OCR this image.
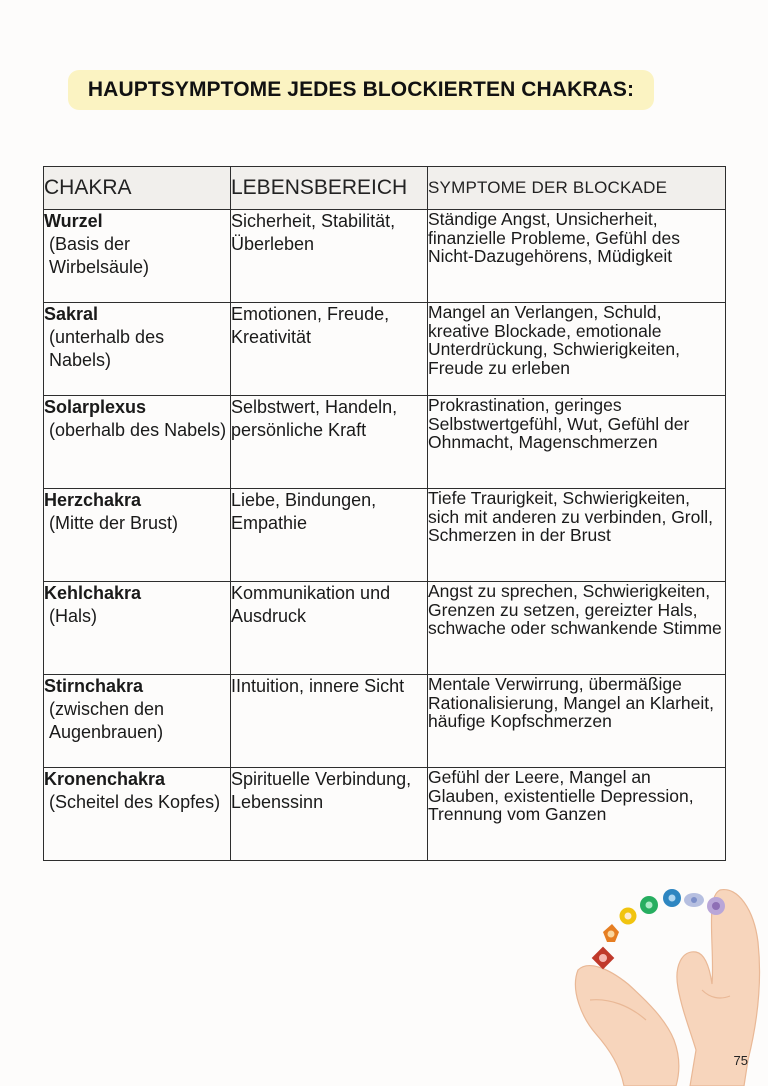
HAUPTSYMPTOME JEDES BLOCKIERTEN CHAKRAS:
CHAKRA	LEBENSBEREICH	SYMPTOME DER BLOCKADE

Wurzel
(Basis der Wirbelsäule)	Sicherheit, Stabilität, Überleben	Ständige Angst, Unsicherheit, finanzielle Probleme, Gefühl des Nicht-Dazugehörens, Müdigkeit

Sakral
(unterhalb des Nabels)	Emotionen, Freude, Kreativität	Mangel an Verlangen, Schuld, kreative Blockade, emotionale Unterdrückung, Schwierigkeiten, Freude zu erleben

Solarplexus
(oberhalb des Nabels)	Selbstwert, Handeln, persönliche Kraft	Prokrastination, geringes Selbstwertgefühl, Wut, Gefühl der Ohnmacht, Magenschmerzen

Herzchakra
(Mitte der Brust)	Liebe, Bindungen, Empathie	Tiefe Traurigkeit, Schwierigkeiten, sich mit anderen zu verbinden, Groll, Schmerzen in der Brust

Kehlchakra
(Hals)	Kommunikation und Ausdruck	Angst zu sprechen, Schwierigkeiten, Grenzen zu setzen, gereizter Hals, schwache oder schwankende Stimme

Stirnchakra
(zwischen den Augenbrauen)	IIntuition, innere Sicht	Mentale Verwirrung, übermäßige Rationalisierung, Mangel an Klarheit, häufige Kopfschmerzen

Kronenchakra
(Scheitel des Kopfes)	Spirituelle Verbindung, Lebenssinn	Gefühl der Leere, Mangel an Glauben, existentielle Depression, Trennung vom Ganzen
75
